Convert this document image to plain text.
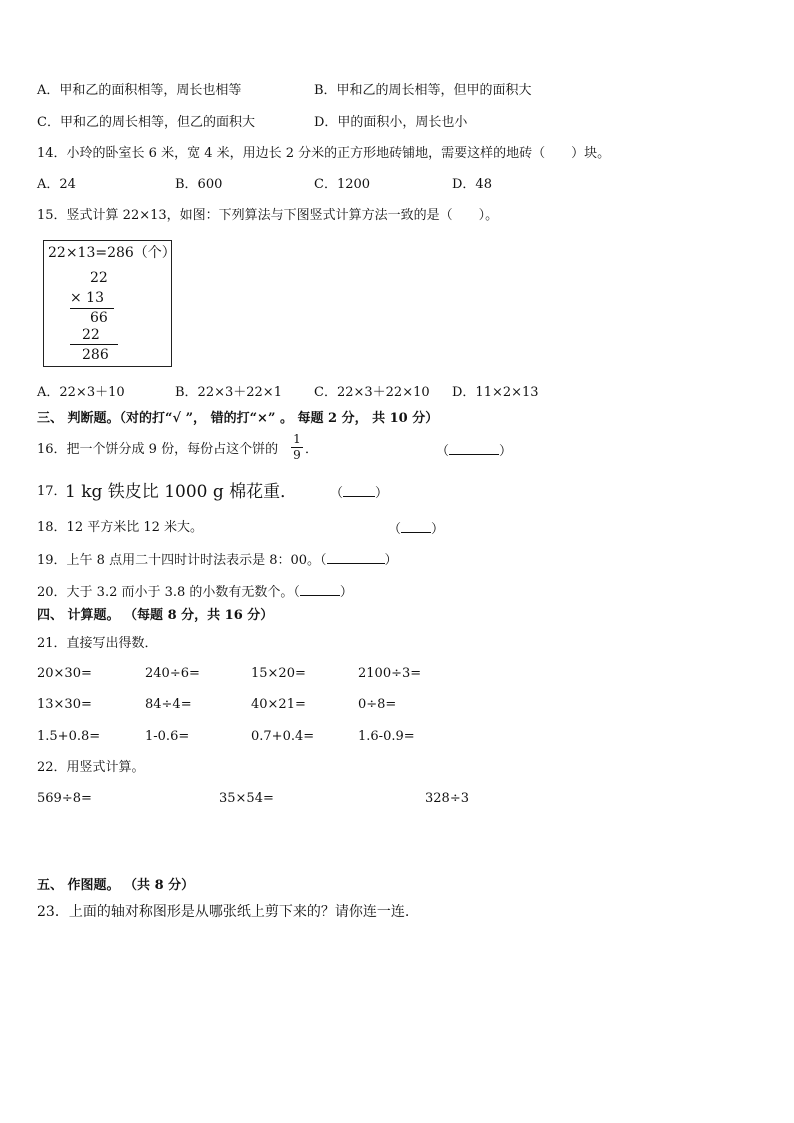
A．甲和乙的面积相等，周长也相等	B．甲和乙的周长相等，但甲的面积大
C．甲和乙的周长相等，但乙的面积大	D．甲的面积小，周长也小
14．小玲的卧室长 6 米，宽 4 米，用边长 2 分米的正方形地砖铺地，需要这样的地砖（　　）块。
A．24	B．600	C．1200	D．48
15．竖式计算 22×13，如图：下列算法与下图竖式计算方法一致的是（　　）。
22×13=286（个）
22
× 13
66
22
286
A．22×3＋10	B．22×3＋22×1 C．22×3＋22×10 D．11×2×13
三、 判断题。（对的打“√ ”， 错的打“×” 。 每题 2 分， 共 10 分）
16．把一个饼分成 9 份，每份占这个饼的
1
9 ．	（	）
17．
1 kg 铁皮比 1000 g 棉花重．	（ ）
18．12 平方米比 12 米大。	（ ）
19．上午 8 点用二十四时计时法表示是 8：00。（	）
20．大于 3.2 而小于 3.8 的小数有无数个。（	）
四、 计算题。 （每题 8 分，共 16 分）
21．直接写出得数．
20×30=	240÷6=	15×20=	2100÷3=
13×30=	84÷4=	40×21=	0÷8=
1.5+0.8=	1-0.6=	0.7+0.4=	1.6-0.9=
22．用竖式计算。
569÷8=	35×54=	328÷3
五、 作图题。 （共 8 分）
23．上面的轴对称图形是从哪张纸上剪下来的？请你连一连.
